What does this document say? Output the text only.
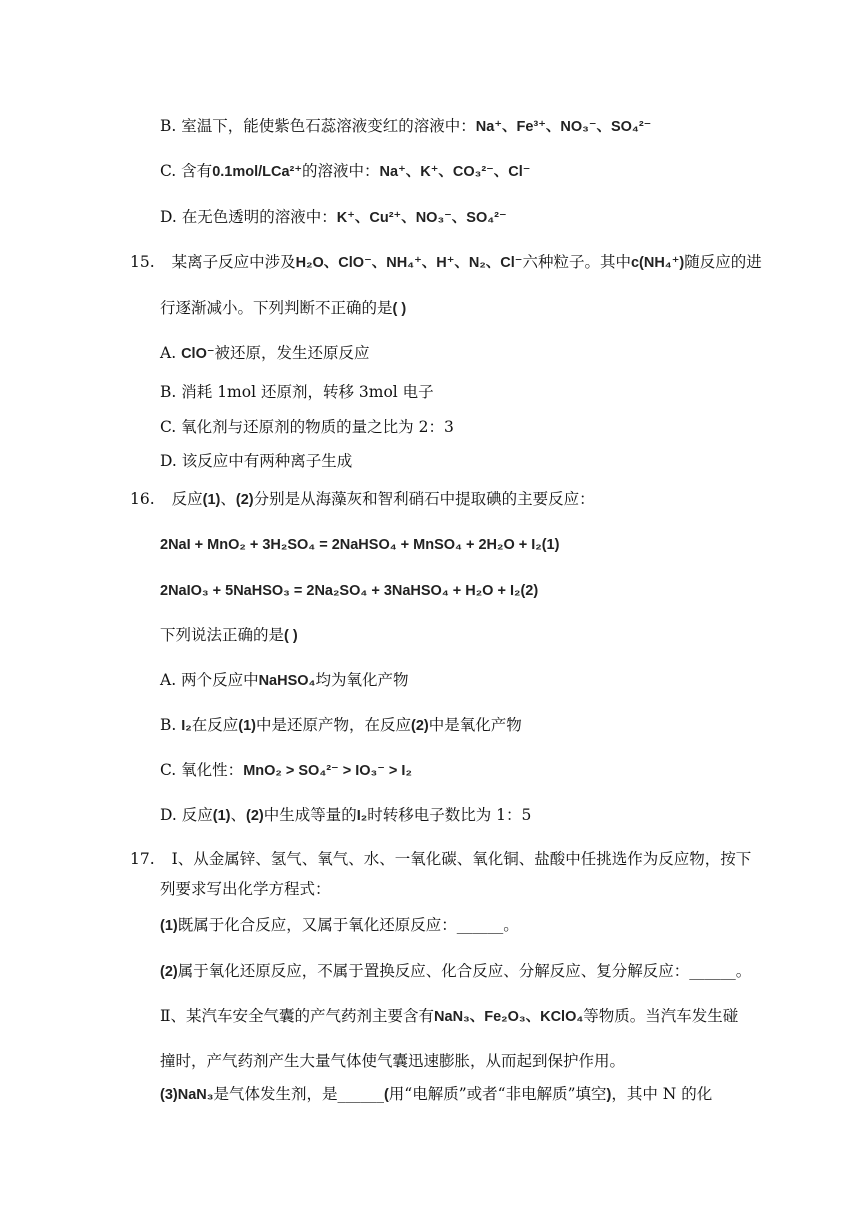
B. 室温下，能使紫色石蕊溶液变红的溶液中：Na⁺、Fe³⁺、NO₃⁻、SO₄²⁻
C. 含有0.1mol/LCa²⁺的溶液中：Na⁺、K⁺、CO₃²⁻、Cl⁻
D. 在无色透明的溶液中：K⁺、Cu²⁺、NO₃⁻、SO₄²⁻
15. 某离子反应中涉及H₂O、ClO⁻、NH₄⁺、H⁺、N₂、Cl⁻六种粒子。其中c(NH₄⁺)随反应的进
行逐渐减小。下列判断不正确的是( )
A. ClO⁻被还原，发生还原反应
B. 消耗 1mol 还原剂，转移 3mol 电子
C. 氧化剂与还原剂的物质的量之比为 2：3
D. 该反应中有两种离子生成
16. 反应(1)、(2)分别是从海藻灰和智利硝石中提取碘的主要反应：
2NaI + MnO₂ + 3H₂SO₄ = 2NaHSO₄ + MnSO₄ + 2H₂O + I₂(1)
2NaIO₃ + 5NaHSO₃ = 2Na₂SO₄ + 3NaHSO₄ + H₂O + I₂(2)
下列说法正确的是( )
A. 两个反应中NaHSO₄均为氧化产物
B. I₂在反应(1)中是还原产物，在反应(2)中是氧化产物
C. 氧化性：MnO₂ > SO₄²⁻ > IO₃⁻ > I₂
D. 反应(1)、(2)中生成等量的I₂时转移电子数比为 1：5
17. Ⅰ、从金属锌、氢气、氧气、水、一氧化碳、氧化铜、盐酸中任挑选作为反应物，按下
列要求写出化学方程式：
(1)既属于化合反应，又属于氧化还原反应：______。
(2)属于氧化还原反应，不属于置换反应、化合反应、分解反应、复分解反应：______。
Ⅱ、某汽车安全气囊的产气药剂主要含有NaN₃、Fe₂O₃、KClO₄等物质。当汽车发生碰
撞时，产气药剂产生大量气体使气囊迅速膨胀，从而起到保护作用。
(3)NaN₃是气体发生剂，是______(用“电解质”或者“非电解质”填空)，其中 N 的化
